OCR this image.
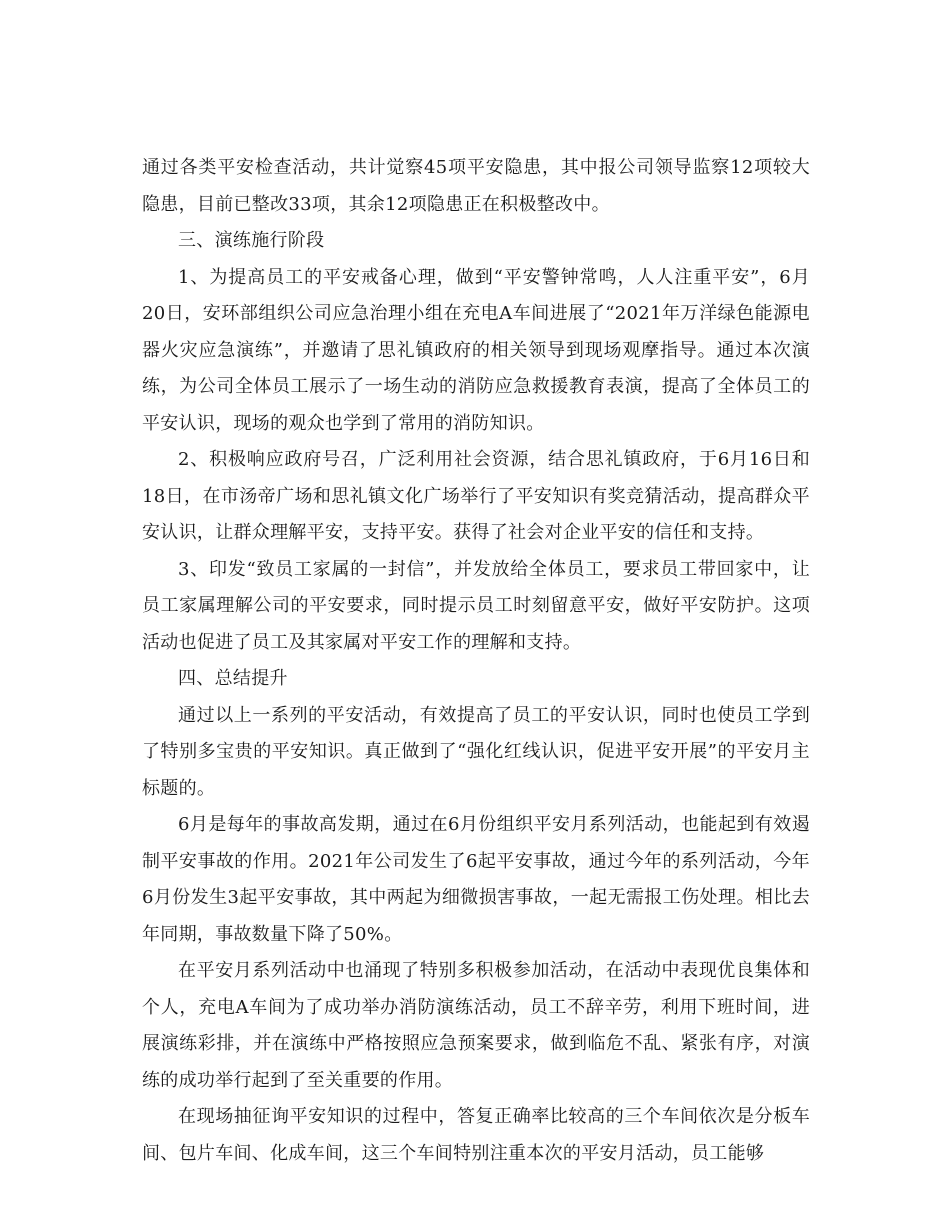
通过各类平安检查活动，共计觉察45项平安隐患，其中报公司领导监察12项较大隐患，目前已整改33项，其余12项隐患正在积极整改中。

三、演练施行阶段

1、为提高员工的平安戒备心理，做到“平安警钟常鸣，人人注重平安”，6月20日，安环部组织公司应急治理小组在充电A车间进展了“2021年万洋绿色能源电器火灾应急演练”，并邀请了思礼镇政府的相关领导到现场观摩指导。通过本次演练，为公司全体员工展示了一场生动的消防应急救援教育表演，提高了全体员工的平安认识，现场的观众也学到了常用的消防知识。

2、积极响应政府号召，广泛利用社会资源，结合思礼镇政府，于6月16日和18日，在市汤帝广场和思礼镇文化广场举行了平安知识有奖竞猜活动，提高群众平安认识，让群众理解平安，支持平安。获得了社会对企业平安的信任和支持。

3、印发“致员工家属的一封信”，并发放给全体员工，要求员工带回家中，让员工家属理解公司的平安要求，同时提示员工时刻留意平安，做好平安防护。这项活动也促进了员工及其家属对平安工作的理解和支持。

四、总结提升

通过以上一系列的平安活动，有效提高了员工的平安认识，同时也使员工学到了特别多宝贵的平安知识。真正做到了“强化红线认识，促进平安开展”的平安月主标题的。

6月是每年的事故高发期，通过在6月份组织平安月系列活动，也能起到有效遏制平安事故的作用。2021年公司发生了6起平安事故，通过今年的系列活动，今年6月份发生3起平安事故，其中两起为细微损害事故，一起无需报工伤处理。相比去年同期，事故数量下降了50%。

在平安月系列活动中也涌现了特别多积极参加活动，在活动中表现优良集体和个人，充电A车间为了成功举办消防演练活动，员工不辞辛劳，利用下班时间，进展演练彩排，并在演练中严格按照应急预案要求，做到临危不乱、紧张有序，对演练的成功举行起到了至关重要的作用。

在现场抽征询平安知识的过程中，答复正确率比较高的三个车间依次是分板车间、包片车间、化成车间，这三个车间特别注重本次的平安月活动，员工能够
